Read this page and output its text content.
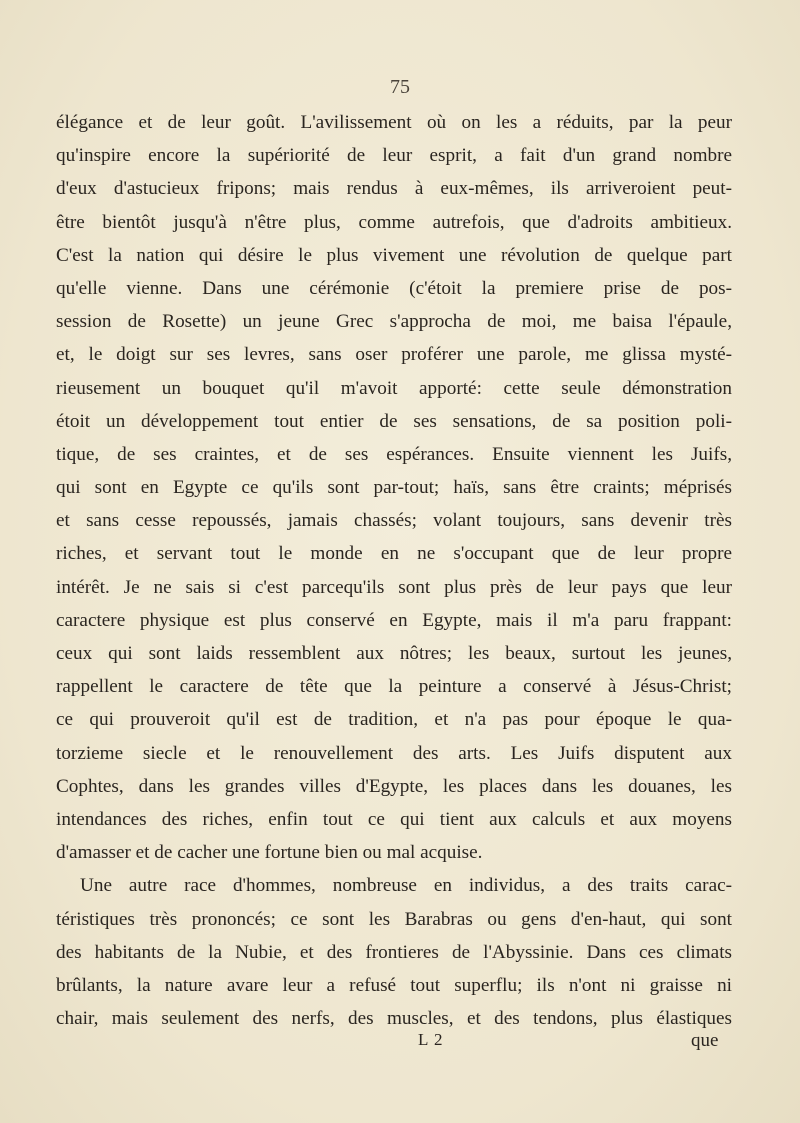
75
élégance et de leur goût. L'avilissement où on les a réduits, par la peur
qu'inspire encore la supériorité de leur esprit, a fait d'un grand nombre
d'eux d'astucieux fripons; mais rendus à eux-mêmes, ils arriveroient peut-
être bientôt jusqu'à n'être plus, comme autrefois, que d'adroits ambitieux.
C'est la nation qui désire le plus vivement une révolution de quelque part
qu'elle vienne. Dans une cérémonie (c'étoit la premiere prise de pos-
session de Rosette) un jeune Grec s'approcha de moi, me baisa l'épaule,
et, le doigt sur ses levres, sans oser proférer une parole, me glissa mysté-
rieusement un bouquet qu'il m'avoit apporté: cette seule démonstration
étoit un développement tout entier de ses sensations, de sa position poli-
tique, de ses craintes, et de ses espérances. Ensuite viennent les Juifs,
qui sont en Egypte ce qu'ils sont par-tout; haïs, sans être craints; méprisés
et sans cesse repoussés, jamais chassés; volant toujours, sans devenir très
riches, et servant tout le monde en ne s'occupant que de leur propre
intérêt. Je ne sais si c'est parcequ'ils sont plus près de leur pays que leur
caractere physique est plus conservé en Egypte, mais il m'a paru frappant:
ceux qui sont laids ressemblent aux nôtres; les beaux, surtout les jeunes,
rappellent le caractere de tête que la peinture a conservé à Jésus-Christ;
ce qui prouveroit qu'il est de tradition, et n'a pas pour époque le qua-
torzieme siecle et le renouvellement des arts. Les Juifs disputent aux
Cophtes, dans les grandes villes d'Egypte, les places dans les douanes, les
intendances des riches, enfin tout ce qui tient aux calculs et aux moyens
d'amasser et de cacher une fortune bien ou mal acquise.
Une autre race d'hommes, nombreuse en individus, a des traits carac-
téristiques très prononcés; ce sont les Barabras ou gens d'en-haut, qui sont
des habitants de la Nubie, et des frontieres de l'Abyssinie. Dans ces climats
brûlants, la nature avare leur a refusé tout superflu; ils n'ont ni graisse ni
chair, mais seulement des nerfs, des muscles, et des tendons, plus élastiques
L 2	que
